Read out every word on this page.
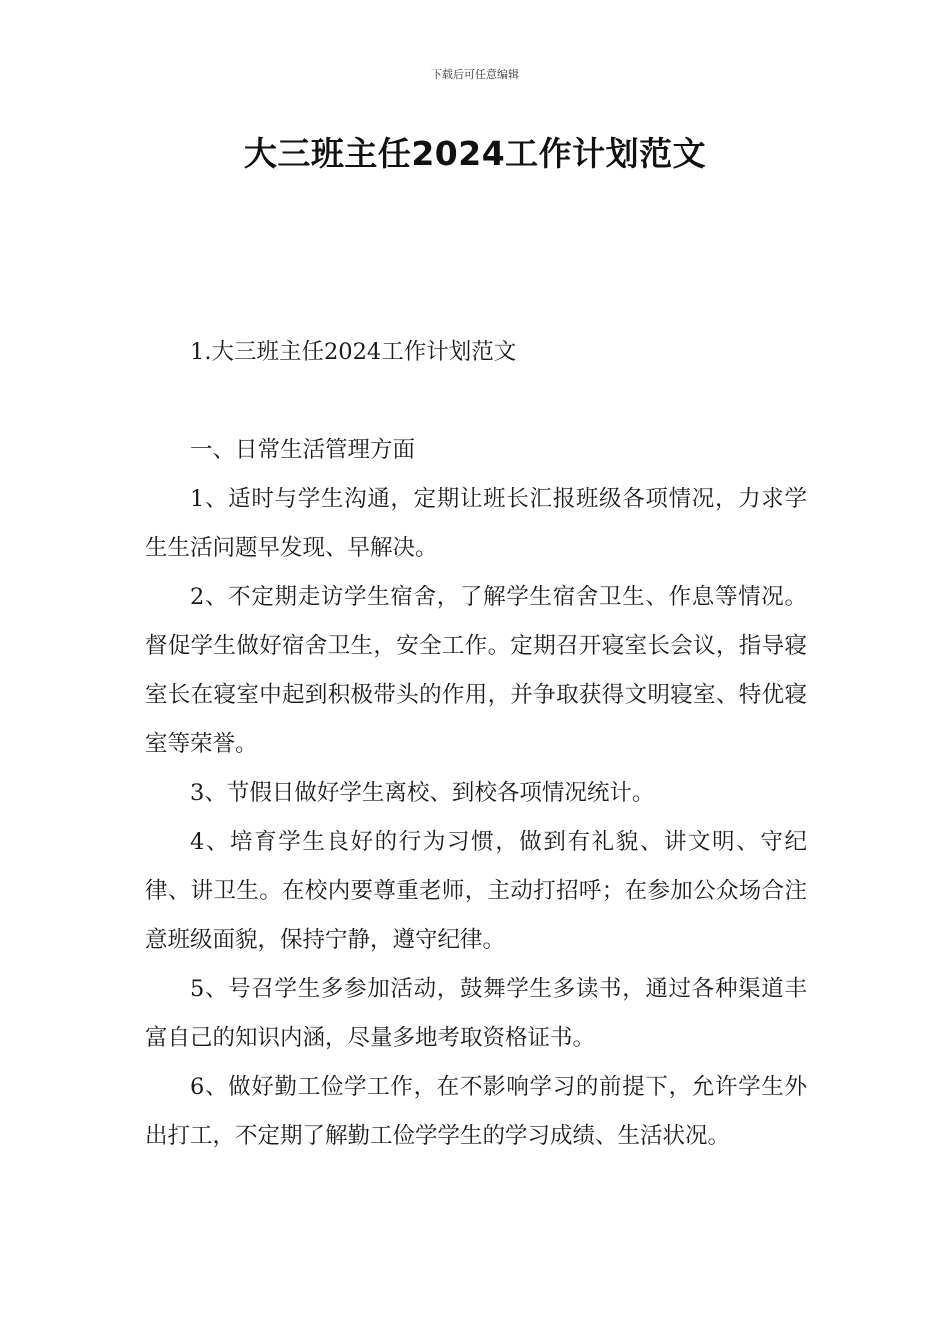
下载后可任意编辑
大三班主任2024工作计划范文

1.大三班主任2024工作计划范文

一、日常生活管理方面

1、适时与学生沟通，定期让班长汇报班级各项情况，力求学生生活问题早发现、早解决。

2、不定期走访学生宿舍，了解学生宿舍卫生、作息等情况。督促学生做好宿舍卫生，安全工作。定期召开寝室长会议，指导寝室长在寝室中起到积极带头的作用，并争取获得文明寝室、特优寝室等荣誉。

3、节假日做好学生离校、到校各项情况统计。

4、培育学生良好的行为习惯，做到有礼貌、讲文明、守纪律、讲卫生。在校内要尊重老师，主动打招呼；在参加公众场合注意班级面貌，保持宁静，遵守纪律。

5、号召学生多参加活动，鼓舞学生多读书，通过各种渠道丰富自己的知识内涵，尽量多地考取资格证书。

6、做好勤工俭学工作，在不影响学习的前提下，允许学生外出打工，不定期了解勤工俭学学生的学习成绩、生活状况。
